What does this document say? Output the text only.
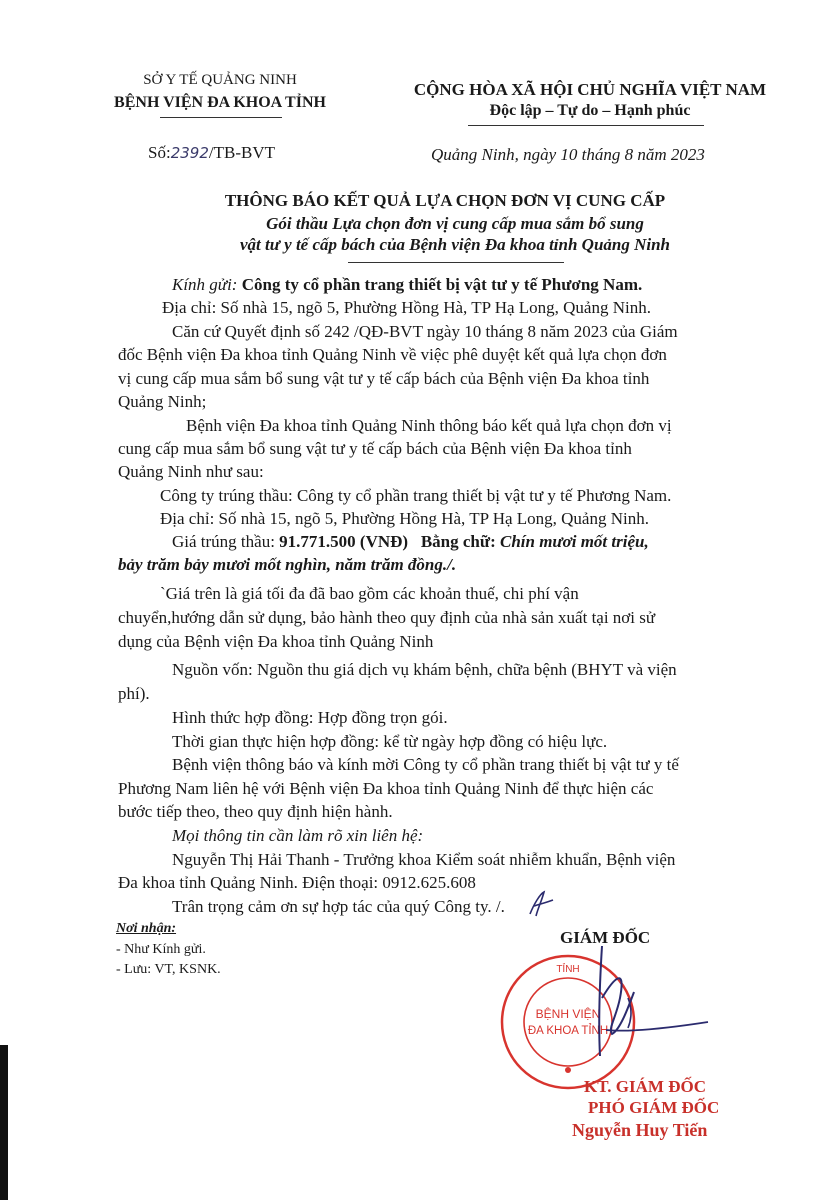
SỞ Y TẾ QUẢNG NINH
BỆNH VIỆN ĐA KHOA TỈNH
CỘNG HÒA XÃ HỘI CHỦ NGHĨA VIỆT NAM
Độc lập – Tự do – Hạnh phúc
Số:2392/TB-BVT	Quảng Ninh, ngày 10 tháng 8 năm 2023
THÔNG BÁO KẾT QUẢ LỰA CHỌN ĐƠN VỊ CUNG CẤP
Gói thầu Lựa chọn đơn vị cung cấp mua sắm bổ sung
vật tư y tế cấp bách của Bệnh viện Đa khoa tỉnh Quảng Ninh
Kính gửi: Công ty cổ phần trang thiết bị vật tư y tế Phương Nam.
Địa chỉ: Số nhà 15, ngõ 5, Phường Hồng Hà, TP Hạ Long, Quảng Ninh.
Căn cứ Quyết định số 242 /QĐ-BVT ngày 10 tháng 8 năm 2023 của Giám
đốc Bệnh viện Đa khoa tỉnh Quảng Ninh về việc phê duyệt kết quả lựa chọn đơn
vị cung cấp mua sắm bổ sung vật tư y tế cấp bách của Bệnh viện Đa khoa tỉnh
Quảng Ninh;
Bệnh viện Đa khoa tỉnh Quảng Ninh thông báo kết quả lựa chọn đơn vị
cung cấp mua sắm bổ sung vật tư y tế cấp bách của Bệnh viện Đa khoa tỉnh
Quảng Ninh như sau:
Công ty trúng thầu: Công ty cổ phần trang thiết bị vật tư y tế Phương Nam.
Địa chỉ: Số nhà 15, ngõ 5, Phường Hồng Hà, TP Hạ Long, Quảng Ninh.
Giá trúng thầu: 91.771.500 (VNĐ) Bằng chữ: Chín mươi mốt triệu,
bảy trăm bảy mươi mốt nghìn, năm trăm đồng./.
`Giá trên là giá tối đa đã bao gồm các khoản thuế, chi phí vận
chuyển,hướng dẫn sử dụng, bảo hành theo quy định của nhà sản xuất tại nơi sử
dụng của Bệnh viện Đa khoa tỉnh Quảng Ninh
Nguồn vốn: Nguồn thu giá dịch vụ khám bệnh, chữa bệnh (BHYT và viện
phí).
Hình thức hợp đồng: Hợp đồng trọn gói.
Thời gian thực hiện hợp đồng: kể từ ngày hợp đồng có hiệu lực.
Bệnh viện thông báo và kính mời Công ty cổ phần trang thiết bị vật tư y tế
Phương Nam liên hệ với Bệnh viện Đa khoa tỉnh Quảng Ninh để thực hiện các
bước tiếp theo, theo quy định hiện hành.
Mọi thông tin cần làm rõ xin liên hệ:
Nguyễn Thị Hải Thanh - Trưởng khoa Kiểm soát nhiễm khuẩn, Bệnh viện
Đa khoa tỉnh Quảng Ninh. Điện thoại: 0912.625.608
Trân trọng cảm ơn sự hợp tác của quý Công ty. /.
Nơi nhận:
- Như Kính gửi.
- Lưu: VT, KSNK.
GIÁM ĐỐC
TỈNH
BỆNH VIỆN
ĐA KHOA TỈNH
KT. GIÁM ĐỐC
PHÓ GIÁM ĐỐC
Nguyễn Huy Tiến
